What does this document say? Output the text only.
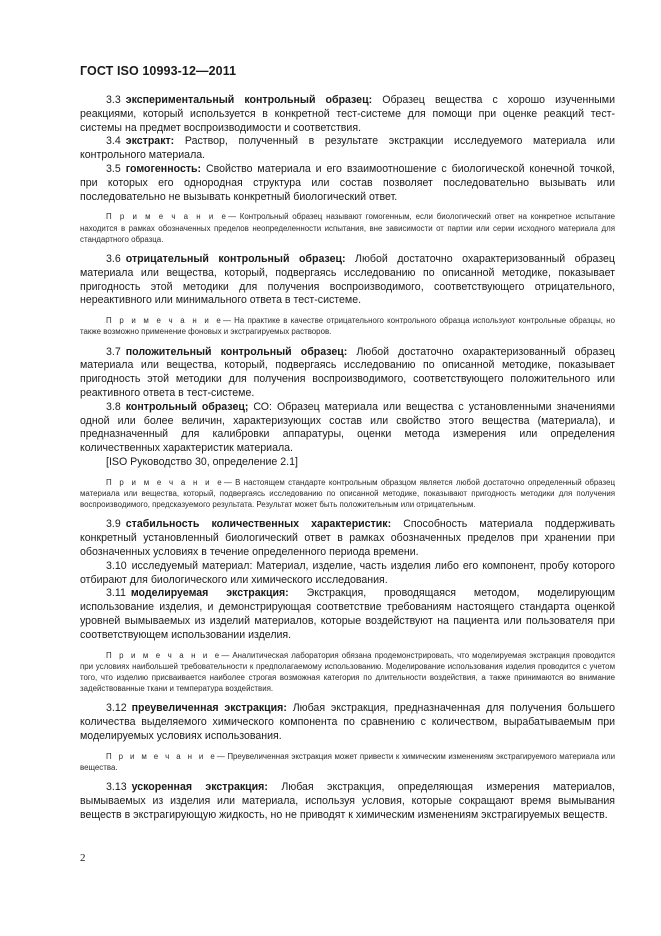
ГОСТ ISO 10993-12—2011

3.3 экспериментальный контрольный образец: Образец вещества с хорошо изученными реакциями, который используется в конкретной тест-системе для помощи при оценке реакций тест-системы на предмет воспроизводимости и соответствия.

3.4 экстракт: Раствор, полученный в результате экстракции исследуемого материала или контрольного материала.

3.5 гомогенность: Свойство материала и его взаимоотношение с биологической конечной точкой, при которых его однородная структура или состав позволяет последовательно вызывать или последовательно не вызывать конкретный биологический ответ.

П р и м е ч а н и е— Контрольный образец называют гомогенным, если биологический ответ на конкретное испытание находится в рамках обозначенных пределов неопределенности испытания, вне зависимости от партии или серии исходного материала для стандартного образца.

3.6 отрицательный контрольный образец: Любой достаточно охарактеризованный образец материала или вещества, который, подвергаясь исследованию по описанной методике, показывает пригодность этой методики для получения воспроизводимого, соответствующего отрицательного, нереактивного или минимального ответа в тест-системе.

П р и м е ч а н и е— На практике в качестве отрицательного контрольного образца используют контрольные образцы, но также возможно применение фоновых и экстрагируемых растворов.

3.7 положительный контрольный образец: Любой достаточно охарактеризованный образец материала или вещества, который, подвергаясь исследованию по описанной методике, показывает пригодность этой методики для получения воспроизводимого, соответствующего положительного или реактивного ответа в тест-системе.

3.8 контрольный образец; СО: Образец материала или вещества с установленными значениями одной или более величин, характеризующих состав или свойство этого вещества (материала), и предназначенный для калибровки аппаратуры, оценки метода измерения или определения количественных характеристик материала.

[ISO Руководство 30, определение 2.1]

П р и м е ч а н и е— В настоящем стандарте контрольным образцом является любой достаточно определенный образец материала или вещества, который, подвергаясь исследованию по описанной методике, показывают пригодность методики для получения воспроизводимого, предсказуемого результата. Результат может быть положительным или отрицательным.

3.9 стабильность количественных характеристик: Способность материала поддерживать конкретный установленный биологический ответ в рамках обозначенных пределов при хранении при обозначенных условиях в течение определенного периода времени.

3.10 исследуемый материал: Материал, изделие, часть изделия либо его компонент, пробу которого отбирают для биологического или химического исследования.

3.11 моделируемая экстракция: Экстракция, проводящаяся методом, моделирующим использование изделия, и демонстрирующая соответствие требованиям настоящего стандарта оценкой уровней вымываемых из изделий материалов, которые воздействуют на пациента или пользователя при соответствующем использовании изделия.

П р и м е ч а н и е— Аналитическая лаборатория обязана продемонстрировать, что моделируемая экстракция проводится при условиях наибольшей требовательности к предполагаемому использованию. Моделирование использования изделия проводится с учетом того, что изделию присваивается наиболее строгая возможная категория по длительности воздействия, а также принимаются во внимание задействованные ткани и температура воздействия.

3.12 преувеличенная экстракция: Любая экстракция, предназначенная для получения большего количества выделяемого химического компонента по сравнению с количеством, вырабатываемым при моделируемых условиях использования.

П р и м е ч а н и е— Преувеличенная экстракция может привести к химическим изменениям экстрагируемого материала или вещества.

3.13 ускоренная экстракция: Любая экстракция, определяющая измерения материалов, вымываемых из изделия или материала, используя условия, которые сокращают время вымывания веществ в экстрагирующую жидкость, но не приводят к химическим изменениям экстрагируемых веществ.

2
